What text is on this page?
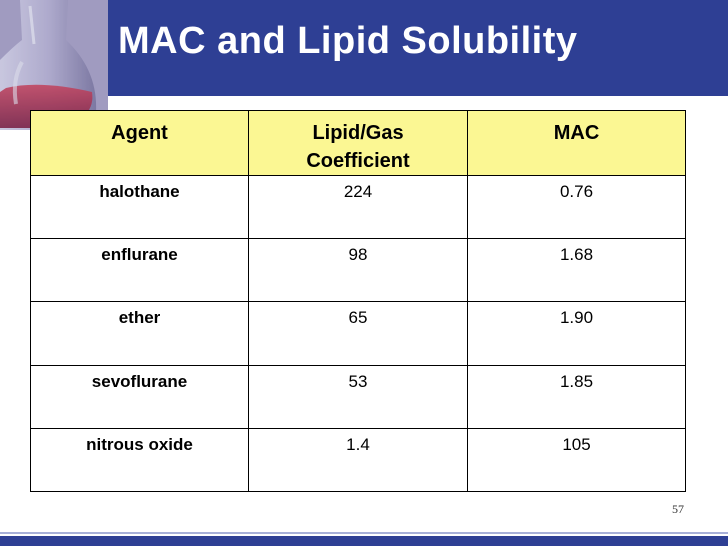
MAC and Lipid Solubility
Agent	Lipid/Gas Coefficient	MAC
halothane	224	0.76
enflurane	98	1.68
ether	65	1.90
sevoflurane	53	1.85
nitrous oxide	1.4	105
57
